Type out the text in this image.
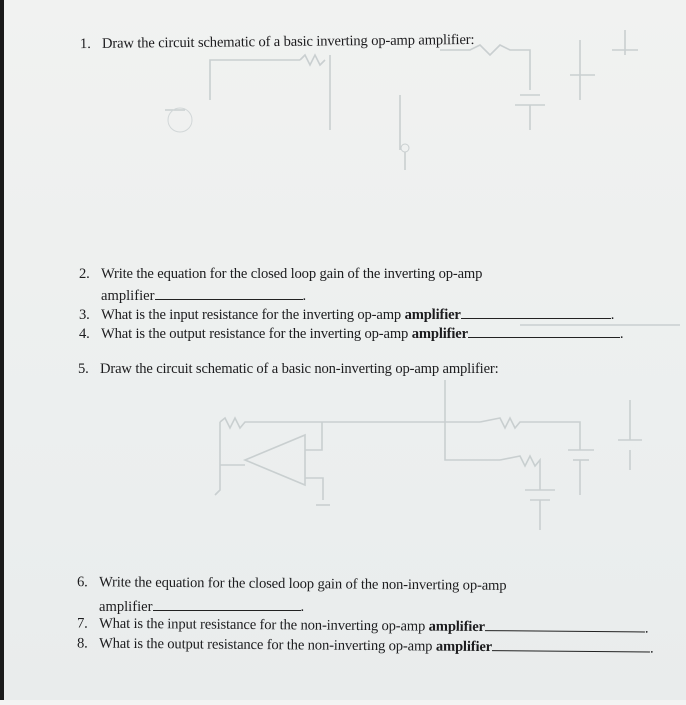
1. Draw the circuit schematic of a basic inverting op-amp amplifier:
2. Write the equation for the closed loop gain of the inverting op-amp
amplifier	.
3. What is the input resistance for the inverting op-amp amplifier	.
4. What is the output resistance for the inverting op-amp amplifier	.
5. Draw the circuit schematic of a basic non-inverting op-amp amplifier:
6. Write the equation for the closed loop gain of the non-inverting op-amp
amplifier	.
7. What is the input resistance for the non-inverting op-amp amplifier	.
8. What is the output resistance for the non-inverting op-amp amplifier	.
